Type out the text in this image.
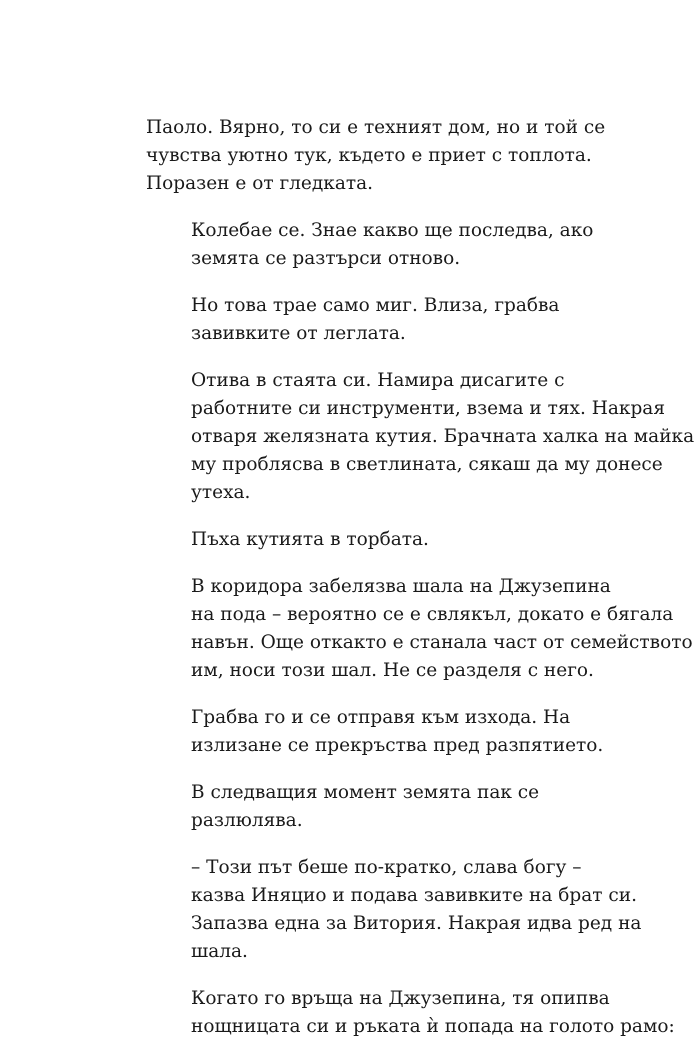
Паоло. Вярно, то си е техният дом, но и той се
чувства уютно тук, където е приет с топлота.
Поразен е от гледката.

Колебае се. Знае какво ще последва, ако
земята се разтърси отново.

Но това трае само миг. Влиза, грабва
завивките от леглата.

Отива в стаята си. Намира дисагите с
работните си инструменти, взема и тях. Накрая
отваря желязната кутия. Брачната халка на майка
му проблясва в светлината, сякаш да му донесе
утеха.

Пъха кутията в торбата.

В коридора забелязва шала на Джузепина
на пода – вероятно се е свлякъл, докато е бягала
навън. Още откакто е станала част от семейството
им, носи този шал. Не се разделя с него.

Грабва го и се отправя към изхода. На
излизане се прекръства пред разпятието.

В следващия момент земята пак се
разлюлява.

– Този път беше по-кратко, слава богу –
казва Иняцио и подава завивките на брат си.
Запазва една за Витория. Накрая идва ред на
шала.

Когато го връща на Джузепина, тя опипва
нощницата си и ръката ѝ попада на голото рамо:
